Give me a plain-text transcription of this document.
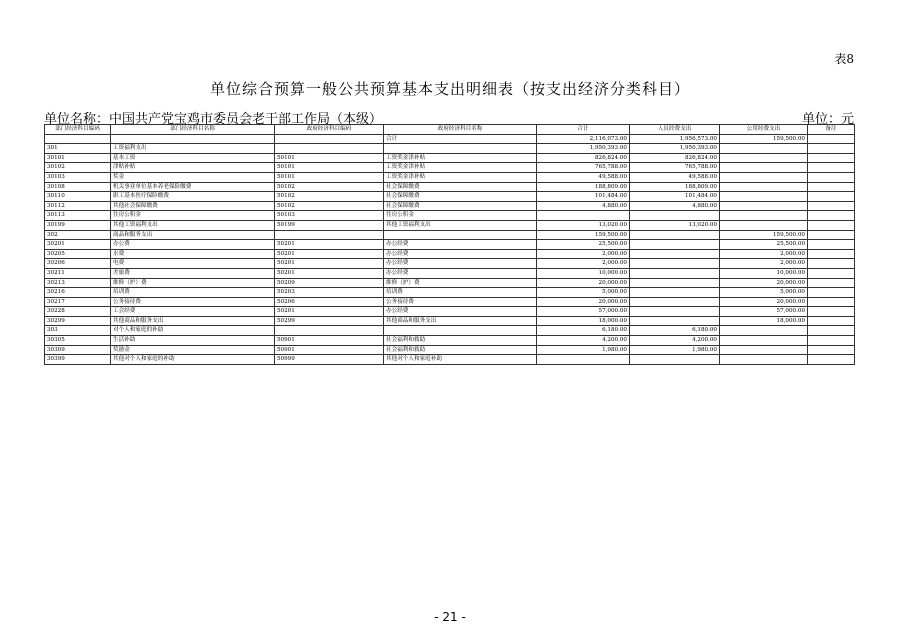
表8
单位综合预算一般公共预算基本支出明细表（按支出经济分类科目）
单位名称：中国共产党宝鸡市委员会老干部工作局（本级）	单位：元
部门经济科目编码	部门经济科目名称	政府经济科目编码	政府经济科目名称	合计	人员经费支出	公用经费支出	备注
			合计	2,116,073.00	1,956,573.00	159,500.00	
301	工资福利支出			1,950,393.00	1,950,393.00		
30101	基本工资	50101	工资奖金津补贴	826,824.00	826,824.00		
30102	津贴补贴	50101	工资奖金津补贴	765,788.00	765,788.00		
30103	奖金	50101	工资奖金津补贴	49,588.00	49,588.00		
30108	机关事业单位基本养老保险缴费	50102	社会保障缴费	188,809.00	188,809.00		
30110	职工基本医疗保险缴费	50102	社会保障缴费	101,484.00	101,484.00		
30112	其他社会保障缴费	50102	社会保障缴费	4,880.00	4,880.00		
30113	住房公积金	50103	住房公积金				
30199	其他工资福利支出	50199	其他工资福利支出	13,020.00	13,020.00		
302	商品和服务支出			159,500.00		159,500.00	
30201	办公费	50201	办公经费	25,500.00		25,500.00	
30205	水费	50201	办公经费	2,000.00		2,000.00	
30206	电费	50201	办公经费	2,000.00		2,000.00	
30211	差旅费	50201	办公经费	10,000.00		10,000.00	
30213	维修（护）费	50209	维修（护）费	20,000.00		20,000.00	
30216	培训费	50203	培训费	5,000.00		5,000.00	
30217	公务接待费	50206	公务接待费	20,000.00		20,000.00	
30228	工会经费	50201	办公经费	57,000.00		57,000.00	
30299	其他商品和服务支出	50299	其他商品和服务支出	18,000.00		18,000.00	
303	对个人和家庭的补助			6,180.00	6,180.00		
30305	生活补助	50901	社会福利和救助	4,200.00	4,200.00		
30309	奖励金	50901	社会福利和救助	1,980.00	1,980.00		
30399	其他对个人和家庭的补助	50999	其他对个人和家庭补助				
- 21 -
